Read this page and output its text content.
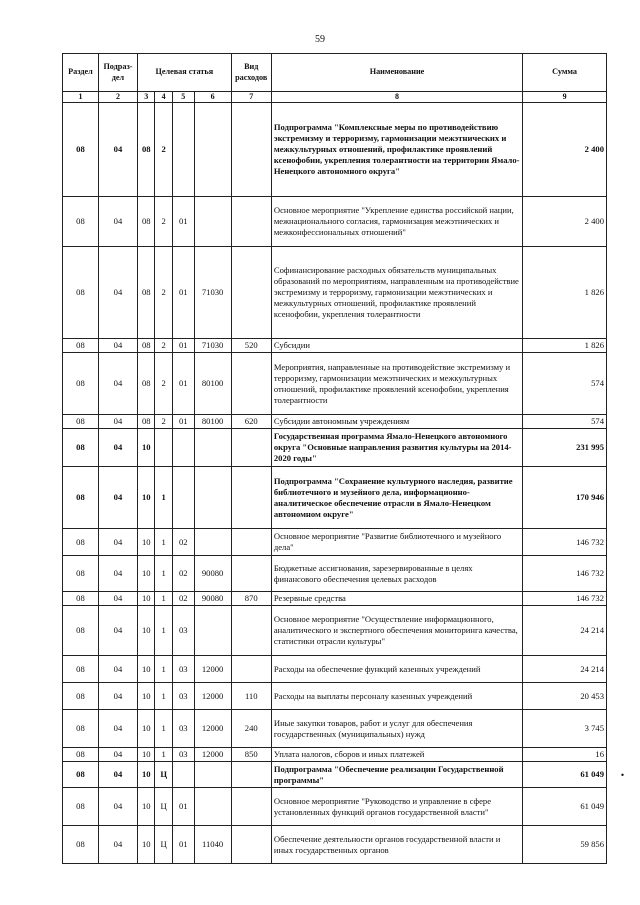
59
Раздел	Подраз-дел	Целевая статья				Вид расходов	Наименование	Сумма
1	2	3	4	5	6	7	8	9
08	04	08	2				Подпрограмма "Комплексные меры по противодействию экстремизму и терроризму, гармонизации межэтнических и межкультурных отношений, профилактике проявлений ксенофобии, укрепления толерантности на территории Ямало-Ненецкого автономного округа"	2 400
08	04	08	2	01			Основное мероприятие "Укрепление единства российской нации, межнационального согласия, гармонизация межэтнических и межконфессиональных отношений"	2 400
08	04	08	2	01	71030		Софинансирование расходных обязательств муниципальных образований по мероприятиям, направленным на противодействие экстремизму и терроризму, гармонизации межэтнических и межкультурных отношений, профилактике проявлений ксенофобии, укрепления толерантности	1 826
08	04	08	2	01	71030	520	Субсидии	1 826
08	04	08	2	01	80100		Мероприятия, направленные на противодействие экстремизму и терроризму, гармонизации межэтнических и межкультурных отношений, профилактике проявлений ксенофобии, укрепления толерантности	574
08	04	08	2	01	80100	620	Субсидии автономным учреждениям	574
08	04	10					Государственная программа Ямало-Ненецкого автономного округа "Основные направления развития культуры на 2014-2020 годы"	231 995
08	04	10	1				Подпрограмма "Сохранение культурного наследия, развитие библиотечного и музейного дела, информационно-аналитическое обеспечение отрасли в Ямало-Ненецком автономном округе"	170 946
08	04	10	1	02			Основное мероприятие "Развитие библиотечного и музейного дела"	146 732
08	04	10	1	02	90080		Бюджетные ассигнования, зарезервированные в целях финансового обеспечения целевых расходов	146 732
08	04	10	1	02	90080	870	Резервные средства	146 732
08	04	10	1	03			Основное мероприятие "Осуществление информационного, аналитического и экспертного обеспечения мониторинга качества, статистики отрасли культуры"	24 214
08	04	10	1	03	12000		Расходы на обеспечение функций казенных учреждений	24 214
08	04	10	1	03	12000	110	Расходы на выплаты персоналу казенных учреждений	20 453
08	04	10	1	03	12000	240	Иные закупки товаров, работ и услуг для обеспечения государственных (муниципальных) нужд	3 745
08	04	10	1	03	12000	850	Уплата налогов, сборов и иных платежей	16
08	04	10	Ц				Подпрограмма "Обеспечение реализации Государственной программы"	61 049
08	04	10	Ц	01			Основное мероприятие "Руководство и управление в сфере установленных функций органов государственной власти"	61 049
08	04	10	Ц	01	11040		Обеспечение деятельности органов государственной власти и иных государственных органов	59 856
•
